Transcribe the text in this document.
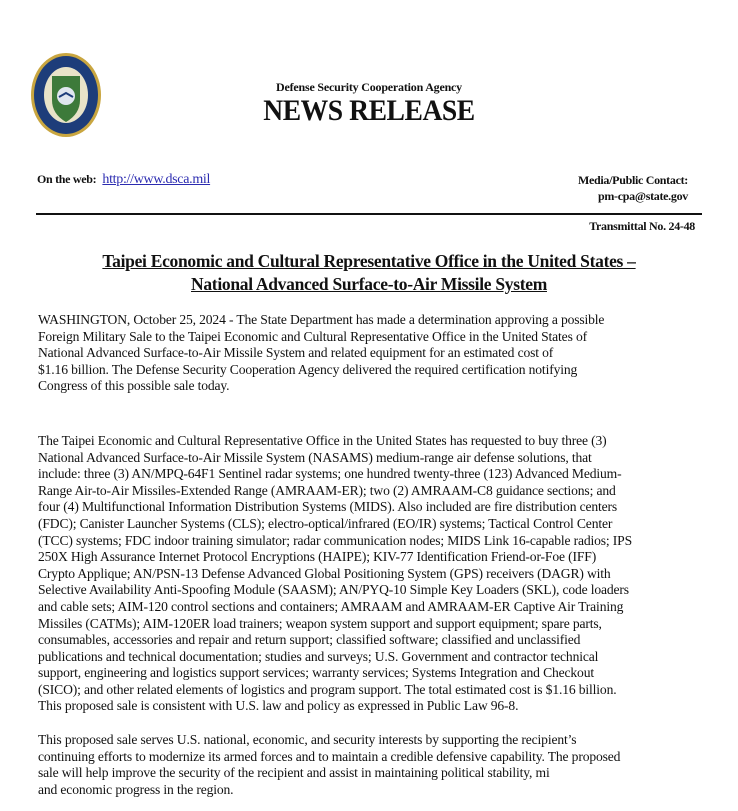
Defense Security Cooperation Agency
NEWS RELEASE
On the web: http://www.dsca.mil	Media/Public Contact:
pm-cpa@state.gov
Transmittal No. 24-48
Taipei Economic and Cultural Representative Office in the United States –
National Advanced Surface-to-Air Missile System
WASHINGTON, October 25, 2024 - The State Department has made a determination approving a possible
Foreign Military Sale to the Taipei Economic and Cultural Representative Office in the United States of
National Advanced Surface-to-Air Missile System and related equipment for an estimated cost of
$1.16 billion. The Defense Security Cooperation Agency delivered the required certification notifying
Congress of this possible sale today.
The Taipei Economic and Cultural Representative Office in the United States has requested to buy three (3)
National Advanced Surface-to-Air Missile System (NASAMS) medium-range air defense solutions, that
include: three (3) AN/MPQ-64F1 Sentinel radar systems; one hundred twenty-three (123) Advanced Medium-
Range Air-to-Air Missiles-Extended Range (AMRAAM-ER); two (2) AMRAAM-C8 guidance sections; and
four (4) Multifunctional Information Distribution Systems (MIDS). Also included are fire distribution centers
(FDC); Canister Launcher Systems (CLS); electro-optical/infrared (EO/IR) systems; Tactical Control Center
(TCC) systems; FDC indoor training simulator; radar communication nodes; MIDS Link 16-capable radios; IPS
250X High Assurance Internet Protocol Encryptions (HAIPE); KIV-77 Identification Friend-or-Foe (IFF)
Crypto Applique; AN/PSN-13 Defense Advanced Global Positioning System (GPS) receivers (DAGR) with
Selective Availability Anti-Spoofing Module (SAASM); AN/PYQ-10 Simple Key Loaders (SKL), code loaders
and cable sets; AIM-120 control sections and containers; AMRAAM and AMRAAM-ER Captive Air Training
Missiles (CATMs); AIM-120ER load trainers; weapon system support and support equipment; spare parts,
consumables, accessories and repair and return support; classified software; classified and unclassified
publications and technical documentation; studies and surveys; U.S. Government and contractor technical
support, engineering and logistics support services; warranty services; Systems Integration and Checkout
(SICO); and other related elements of logistics and program support. The total estimated cost is $1.16 billion.
This proposed sale is consistent with U.S. law and policy as expressed in Public Law 96-8.
This proposed sale serves U.S. national, economic, and security interests by supporting the recipient’s
continuing efforts to modernize its armed forces and to maintain a credible defensive capability. The proposed
sale will help improve the security of the recipient and assist in maintaining political stability, mi
and economic progress in the region.
